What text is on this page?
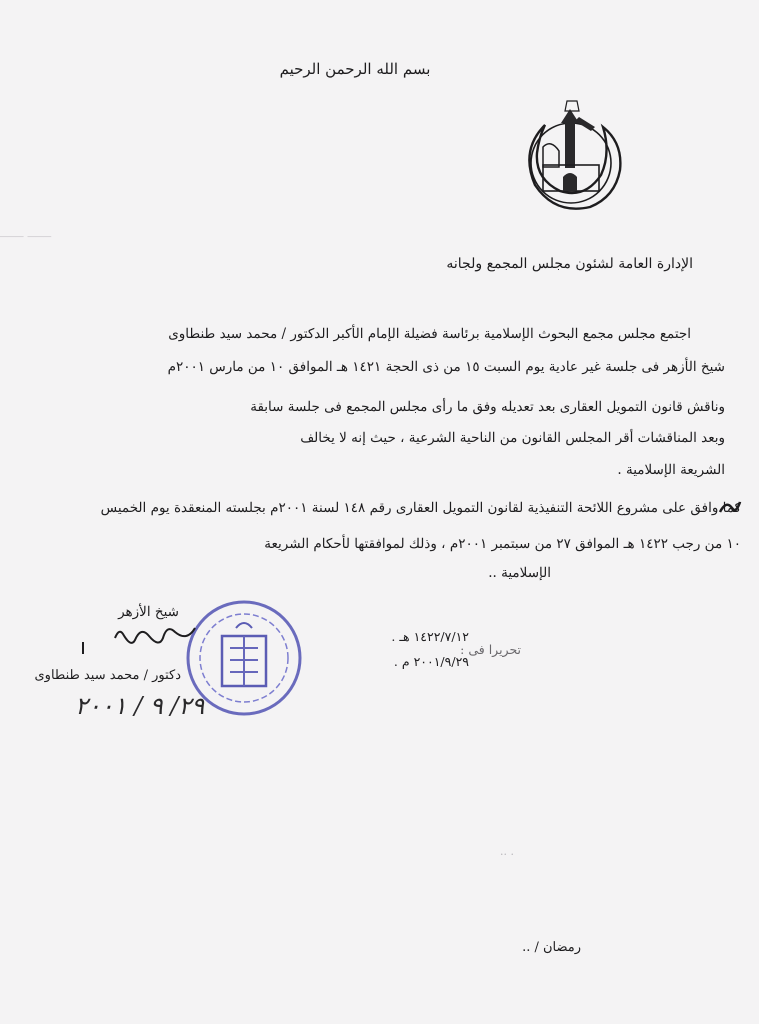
بسم الله الرحمن الرحيم
─── ───
الإدارة العامة لشئون مجلس المجمع ولجانه
اجتمع مجلس مجمع البحوث الإسلامية برئاسة فضيلة الإمام الأكبر الدكتور / محمد سيد طنطاوى
شيخ الأزهر فى جلسة غير عادية يوم السبت ١٥ من ذى الحجة ١٤٢١ هـ الموافق ١٠ من مارس ٢٠٠١م
وناقش قانون التمويل العقارى بعد تعديله وفق ما رأى مجلس المجمع فى جلسة سابقة
وبعد المناقشات أقر المجلس القانون من الناحية الشرعية ، حيث إنه لا يخالف
الشريعة الإسلامية .
كما وافق على مشروع اللائحة التنفيذية لقانون التمويل العقارى رقم ١٤٨ لسنة ٢٠٠١م بجلسته المنعقدة يوم الخميس
١٠ من رجب ١٤٢٢ هـ الموافق ٢٧ من سبتمبر ٢٠٠١م ، وذلك لموافقتها لأحكام الشريعة
الإسلامية ..
شيخ الأزهر
دكتور / محمد سيد طنطاوى
٢٩/ ٩ / ٢٠٠١
١٤٢٢/٧/١٢ هـ .
تحريرا فى :
٢٠٠١/٩/٢٩ م .
·· ·
رمضان / ..
